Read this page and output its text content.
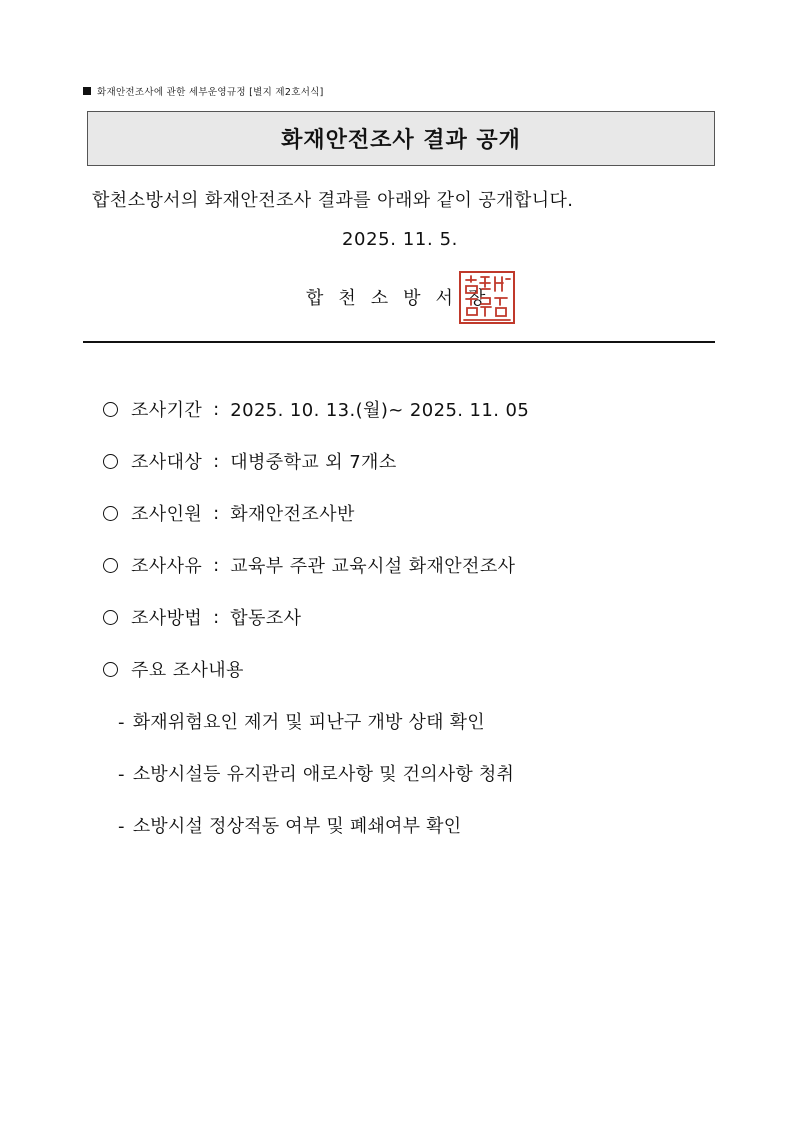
화재안전조사에 관한 세부운영규정 [별지 제2호서식]
화재안전조사 결과 공개
합천소방서의 화재안전조사 결과를 아래와 같이 공개합니다.
2025. 11. 5.
합천소방서장
조사기간 : 2025. 10. 13.(월)~ 2025. 11. 05
조사대상 : 대병중학교 외 7개소
조사인원 : 화재안전조사반
조사사유 : 교육부 주관 교육시설 화재안전조사
조사방법 : 합동조사
주요 조사내용
- 화재위험요인 제거 및 피난구 개방 상태 확인
- 소방시설등 유지관리 애로사항 및 건의사항 청취
- 소방시설 정상적동 여부 및 폐쇄여부 확인
